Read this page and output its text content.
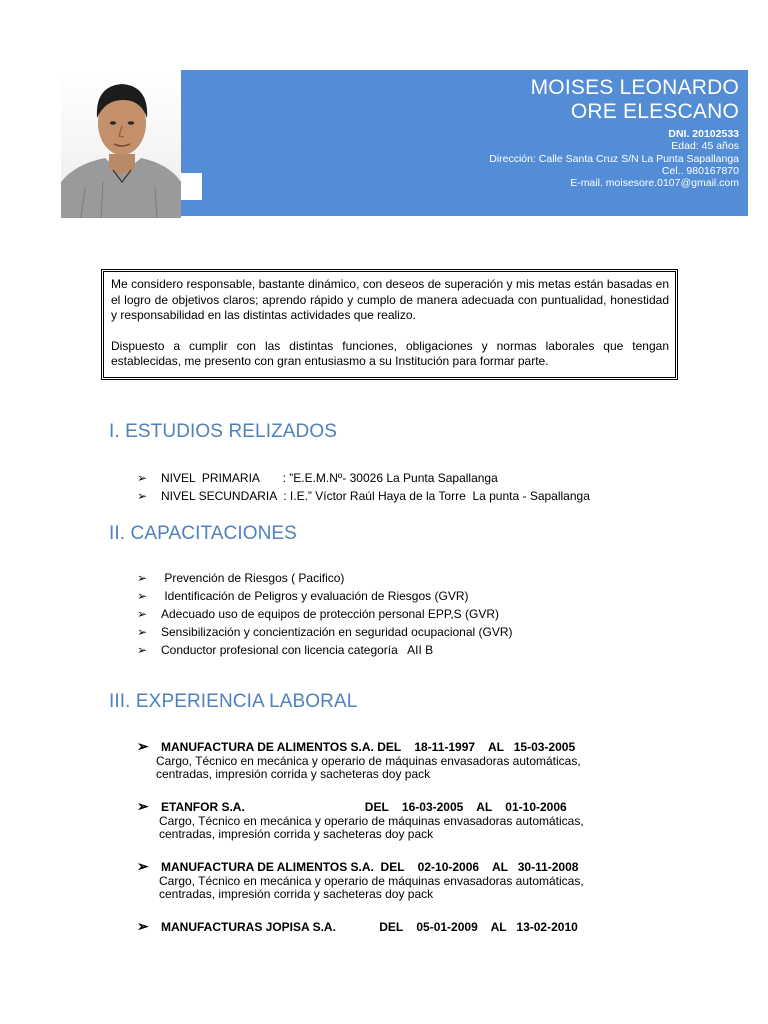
MOISES LEONARDO
ORE ELESCANO
DNI. 20102533
Edad: 45 años
Dirección: Calle Santa Cruz S/N La Punta Sapallanga
Cel.. 980167870
E-mail. moisesore.0107@gmail.com

Me considero responsable, bastante dinámico, con deseos de superación y mis metas están basadas en el logro de objetivos claros; aprendo rápido y cumplo de manera adecuada con puntualidad, honestidad y responsabilidad en las distintas actividades que realizo.

Dispuesto a cumplir con las distintas funciones, obligaciones y normas laborales que tengan establecidas, me presento con gran entusiasmo a su Institución para formar parte.

I. ESTUDIOS RELIZADOS
➢ NIVEL  PRIMARIA       : ”E.E.M.Nº- 30026 La Punta Sapallanga
➢ NIVEL SECUNDARIA  : I.E.” Víctor Raúl Haya de la Torre  La punta - Sapallanga
II. CAPACITACIONES
➢ Prevención de Riesgos ( Pacifico)
➢ Identificación de Peligros y evaluación de Riesgos (GVR)
➢ Adecuado uso de equipos de protección personal EPP,S (GVR)
➢ Sensibilización y concientización en seguridad ocupacional (GVR)
➢ Conductor profesional con licencia categoría   AII B
III. EXPERIENCIA LABORAL
➢ MANUFACTURA DE ALIMENTOS S.A. DEL    18-11-1997    AL   15-03-2005
Cargo, Técnico en mecánica y operario de máquinas envasadoras automáticas,
centradas, impresión corrida y sacheteras doy pack
➢ ETANFOR S.A.                                    DEL    16-03-2005    AL    01-10-2006
Cargo, Técnico en mecánica y operario de máquinas envasadoras automáticas,
centradas, impresión corrida y sacheteras doy pack
➢ MANUFACTURA DE ALIMENTOS S.A.  DEL    02-10-2006    AL   30-11-2008
Cargo, Técnico en mecánica y operario de máquinas envasadoras automáticas,
centradas, impresión corrida y sacheteras doy pack
➢ MANUFACTURAS JOPISA S.A.             DEL    05-01-2009    AL   13-02-2010
